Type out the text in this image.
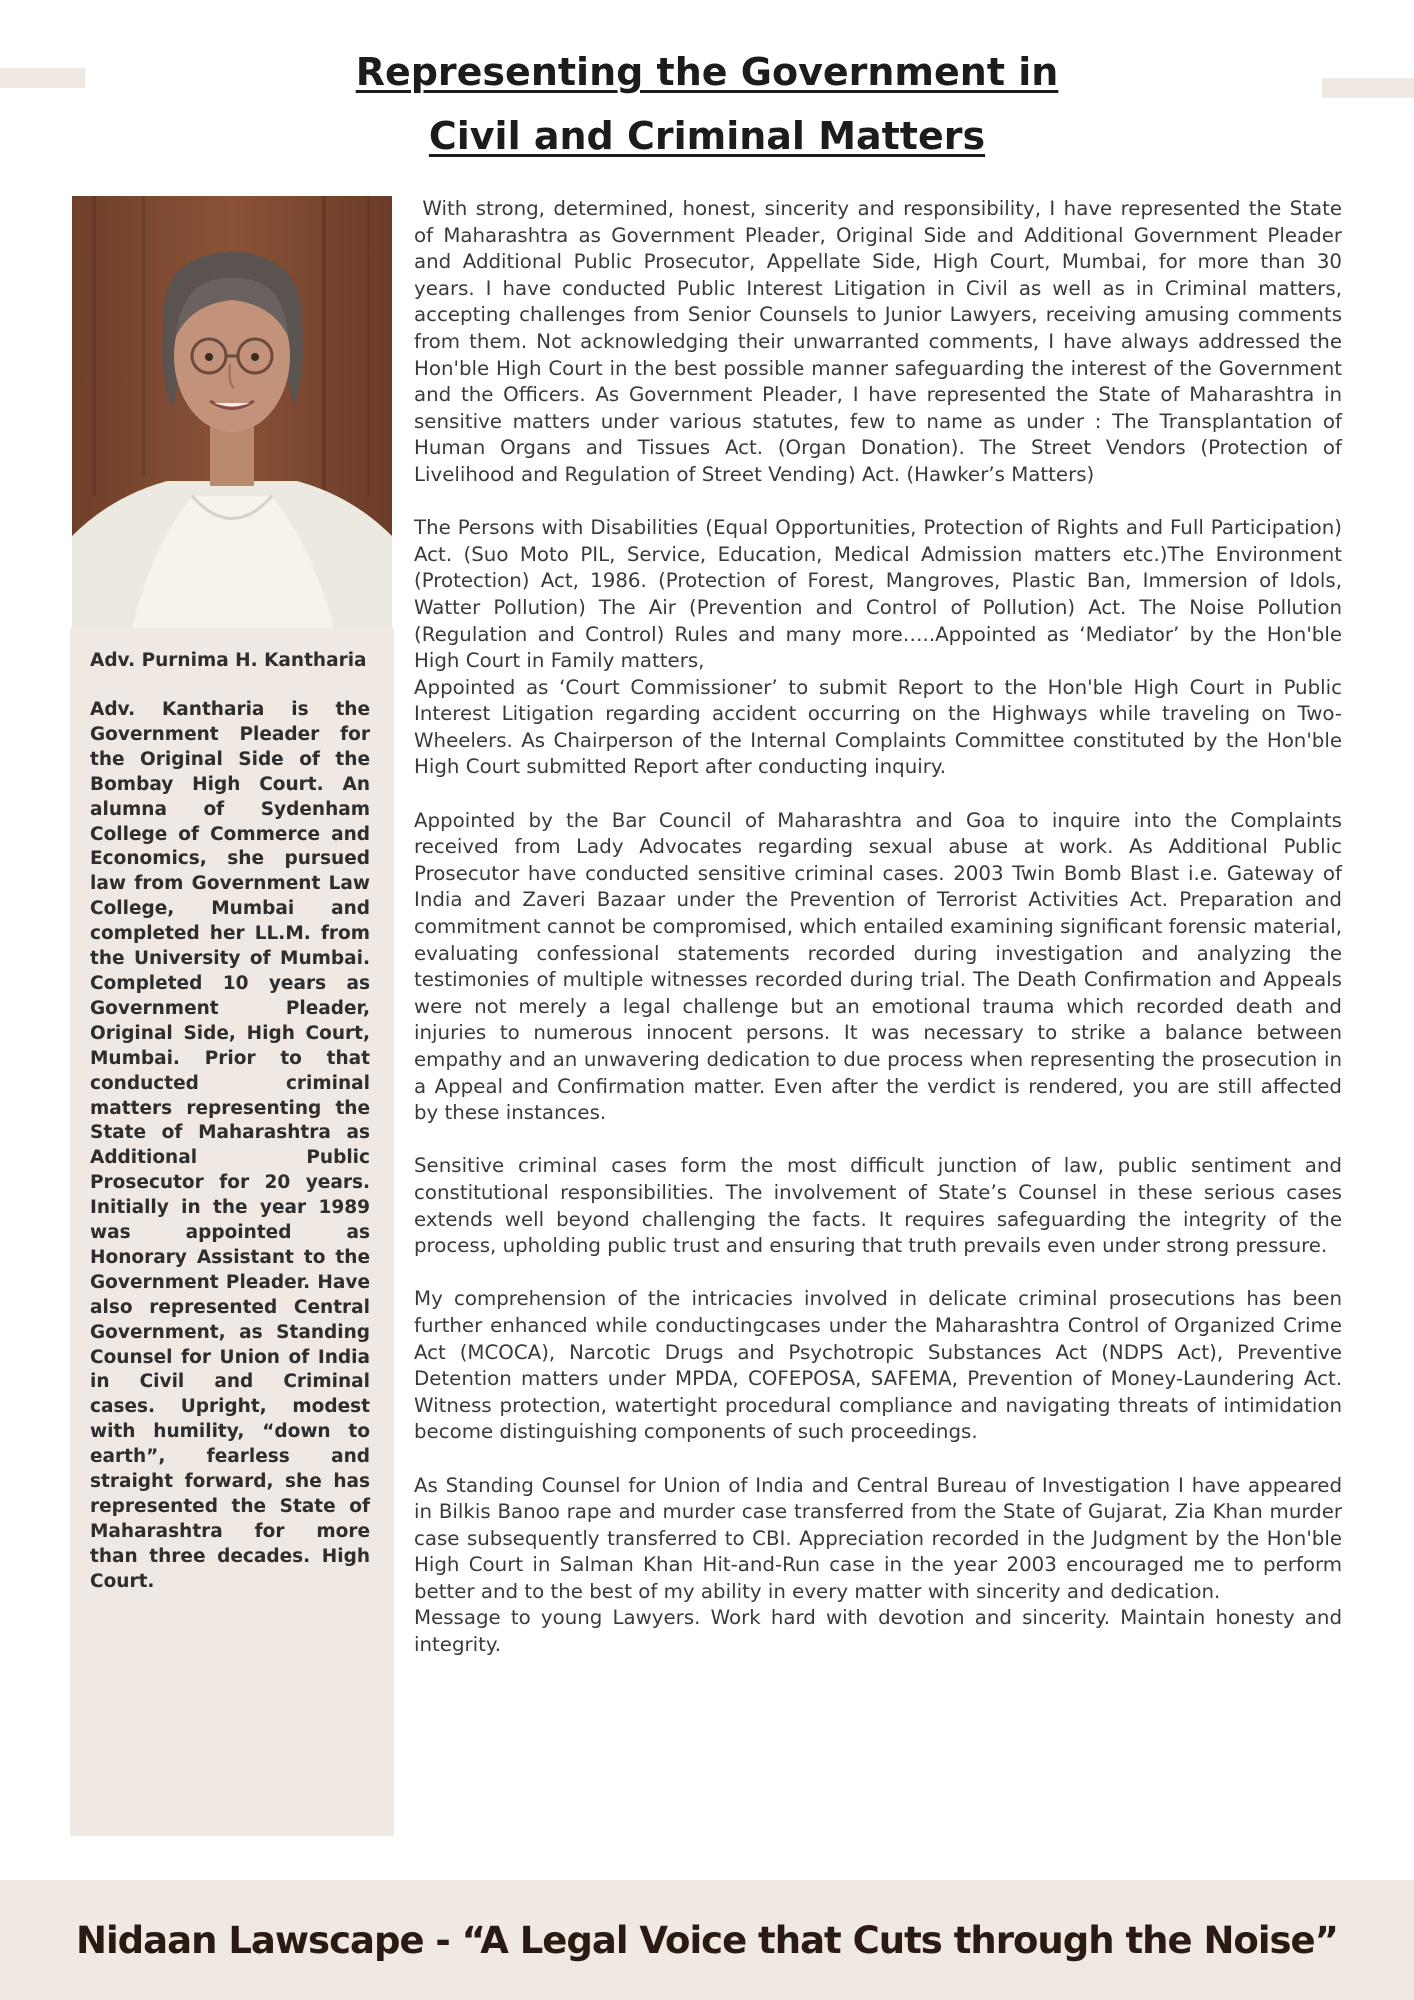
Representing the Government in
Civil and Criminal Matters

Adv. Purnima H. Kantharia

Adv. Kantharia is the Government Pleader for the Original Side of the Bombay High Court. An alumna of Sydenham College of Commerce and Economics, she pursued law from Government Law College, Mumbai and completed her LL.M. from the University of Mumbai. Completed 10 years as Government Pleader, Original Side, High Court, Mumbai. Prior to that conducted criminal matters representing the State of Maharashtra as Additional Public Prosecutor for 20 years. Initially in the year 1989 was appointed as Honorary Assistant to the Government Pleader. Have also represented Central Government, as Standing Counsel for Union of India in Civil and Criminal cases. Upright, modest with humility, “down to earth”, fearless and straight forward, she has represented the State of Maharashtra for more than three decades. High Court.

With strong, determined, honest, sincerity and responsibility, I have represented the State of Maharashtra as Government Pleader, Original Side and Additional Government Pleader and Additional Public Prosecutor, Appellate Side, High Court, Mumbai, for more than 30 years. I have conducted Public Interest Litigation in Civil as well as in Criminal matters, accepting challenges from Senior Counsels to Junior Lawyers, receiving amusing comments from them. Not acknowledging their unwarranted comments, I have always addressed the Hon'ble High Court in the best possible manner safeguarding the interest of the Government and the Officers. As Government Pleader, I have represented the State of Maharashtra in sensitive matters under various statutes, few to name as under : The Transplantation of Human Organs and Tissues Act. (Organ Donation). The Street Vendors (Protection of Livelihood and Regulation of Street Vending) Act. (Hawker’s Matters)

The Persons with Disabilities (Equal Opportunities, Protection of Rights and Full Participation) Act. (Suo Moto PIL, Service, Education, Medical Admission matters etc.)The Environment (Protection) Act, 1986. (Protection of Forest, Mangroves, Plastic Ban, Immersion of Idols, Watter Pollution) The Air (Prevention and Control of Pollution) Act. The Noise Pollution (Regulation and Control) Rules and many more…..Appointed as ‘Mediator’ by the Hon'ble High Court in Family matters,

Appointed as ‘Court Commissioner’ to submit Report to the Hon'ble High Court in Public Interest Litigation regarding accident occurring on the Highways while traveling on Two-Wheelers. As Chairperson of the Internal Complaints Committee constituted by the Hon'ble High Court submitted Report after conducting inquiry.

Appointed by the Bar Council of Maharashtra and Goa to inquire into the Complaints received from Lady Advocates regarding sexual abuse at work. As Additional Public Prosecutor have conducted sensitive criminal cases. 2003 Twin Bomb Blast i.e. Gateway of India and Zaveri Bazaar under the Prevention of Terrorist Activities Act. Preparation and commitment cannot be compromised, which entailed examining significant forensic material, evaluating confessional statements recorded during investigation and analyzing the testimonies of multiple witnesses recorded during trial. The Death Confirmation and Appeals were not merely a legal challenge but an emotional trauma which recorded death and injuries to numerous innocent persons. It was necessary to strike a balance between empathy and an unwavering dedication to due process when representing the prosecution in a Appeal and Confirmation matter. Even after the verdict is rendered, you are still affected by these instances.

Sensitive criminal cases form the most difficult junction of law, public sentiment and constitutional responsibilities. The involvement of State’s Counsel in these serious cases extends well beyond challenging the facts. It requires safeguarding the integrity of the process, upholding public trust and ensuring that truth prevails even under strong pressure.

My comprehension of the intricacies involved in delicate criminal prosecutions has been further enhanced while conductingcases under the Maharashtra Control of Organized Crime Act (MCOCA), Narcotic Drugs and Psychotropic Substances Act (NDPS Act), Preventive Detention matters under MPDA, COFEPOSA, SAFEMA, Prevention of Money-Laundering Act. Witness protection, watertight procedural compliance and navigating threats of intimidation become distinguishing components of such proceedings.

As Standing Counsel for Union of India and Central Bureau of Investigation I have appeared in Bilkis Banoo rape and murder case transferred from the State of Gujarat, Zia Khan murder case subsequently transferred to CBI. Appreciation recorded in the Judgment by the Hon'ble High Court in Salman Khan Hit-and-Run case in the year 2003 encouraged me to perform better and to the best of my ability in every matter with sincerity and dedication.

Message to young Lawyers. Work hard with devotion and sincerity. Maintain honesty and integrity.

Nidaan Lawscape - “A Legal Voice that Cuts through the Noise”
